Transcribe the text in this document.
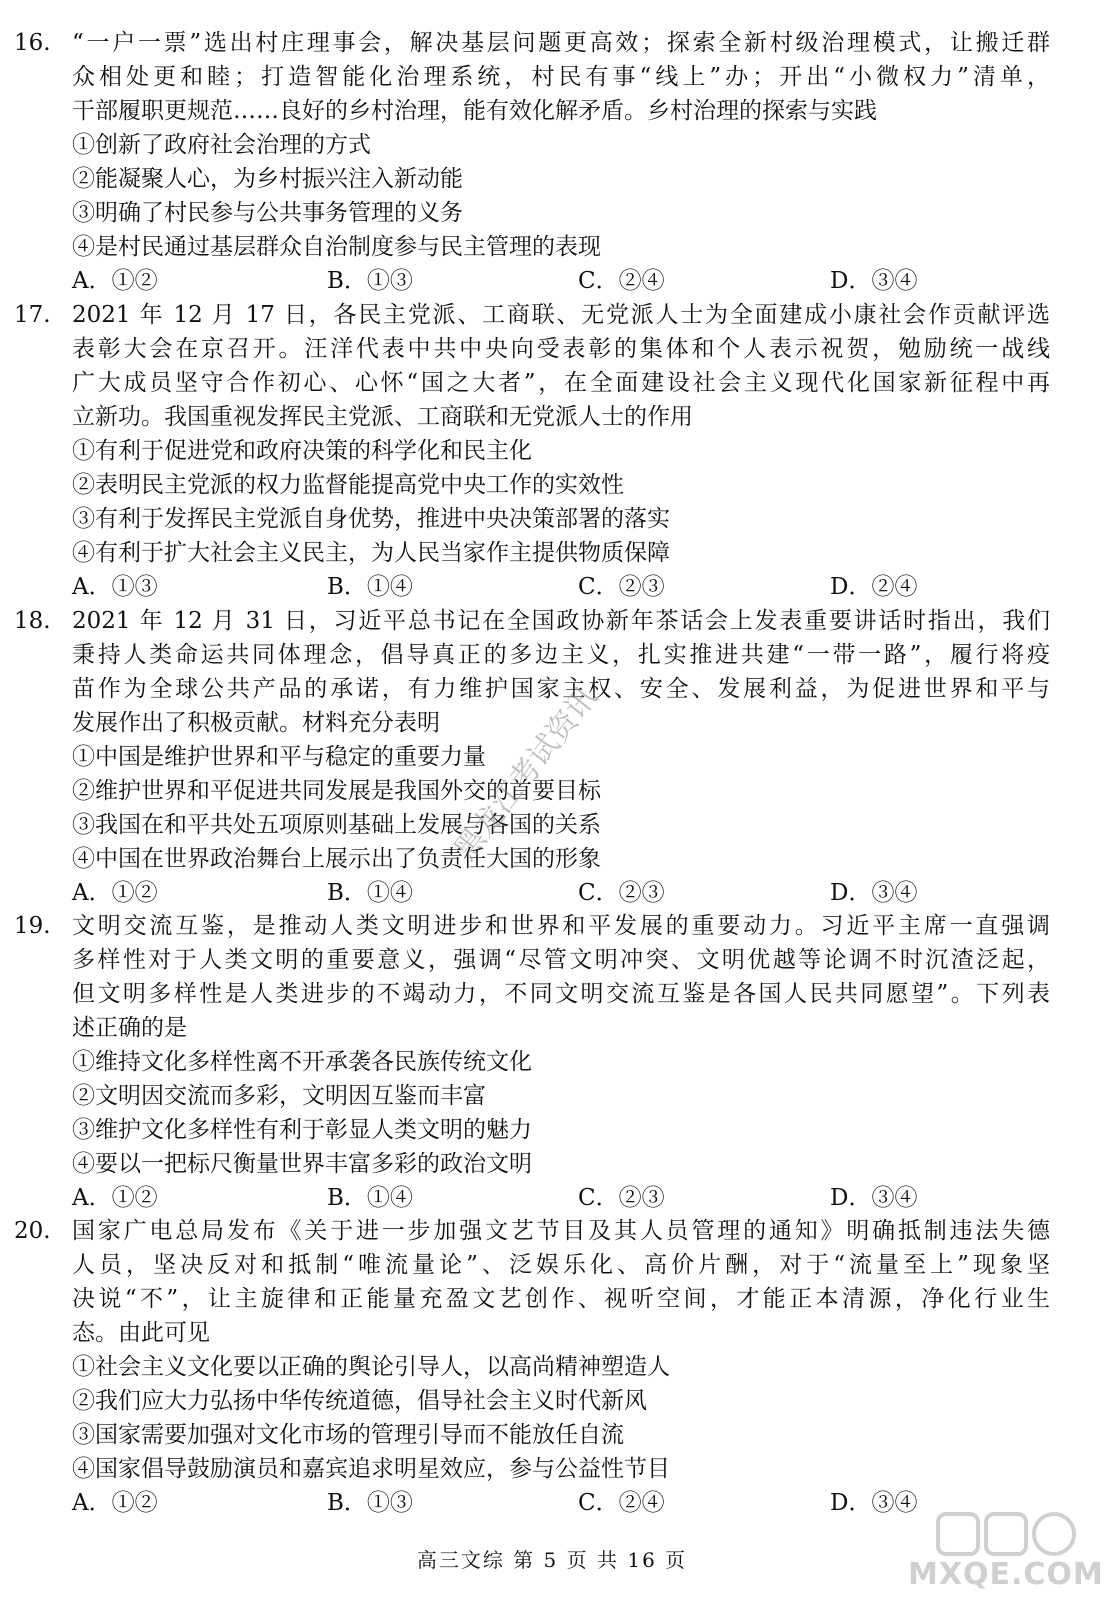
16. “一户一票”选出村庄理事会，解决基层问题更高效；探索全新村级治理模式，让搬迁群
众相处更和睦；打造智能化治理系统，村民有事“线上”办；开出“小微权力”清单，
干部履职更规范……良好的乡村治理，能有效化解矛盾。乡村治理的探索与实践
①创新了政府社会治理的方式
②能凝聚人心，为乡村振兴注入新动能
③明确了村民参与公共事务管理的义务
④是村民通过基层群众自治制度参与民主管理的表现
A．①②	B．①③	C．②④	D．③④
17. 2021 年 12 月 17 日，各民主党派、工商联、无党派人士为全面建成小康社会作贡献评选
表彰大会在京召开。汪洋代表中共中央向受表彰的集体和个人表示祝贺，勉励统一战线
广大成员坚守合作初心、心怀“国之大者”，在全面建设社会主义现代化国家新征程中再
立新功。我国重视发挥民主党派、工商联和无党派人士的作用
①有利于促进党和政府决策的科学化和民主化
②表明民主党派的权力监督能提高党中央工作的实效性
③有利于发挥民主党派自身优势，推进中央决策部署的落实
④有利于扩大社会主义民主，为人民当家作主提供物质保障
A．①③	B．①④	C．②③	D．②④
18. 2021 年 12 月 31 日，习近平总书记在全国政协新年茶话会上发表重要讲话时指出，我们
秉持人类命运共同体理念，倡导真正的多边主义，扎实推进共建“一带一路”，履行将疫
苗作为全球公共产品的承诺，有力维护国家主权、安全、发展利益，为促进世界和平与
发展作出了积极贡献。材料充分表明
①中国是维护世界和平与稳定的重要力量
②维护世界和平促进共同发展是我国外交的首要目标
③我国在和平共处五项原则基础上发展与各国的关系
④中国在世界政治舞台上展示出了负责任大国的形象
A．①②	B．①④	C．②③	D．③④
19. 文明交流互鉴，是推动人类文明进步和世界和平发展的重要动力。习近平主席一直强调
多样性对于人类文明的重要意义，强调“尽管文明冲突、文明优越等论调不时沉渣泛起，
但文明多样性是人类进步的不竭动力，不同文明交流互鉴是各国人民共同愿望”。下列表
述正确的是
①维持文化多样性离不开承袭各民族传统文化
②文明因交流而多彩，文明因互鉴而丰富
③维护文化多样性有利于彰显人类文明的魅力
④要以一把标尺衡量世界丰富多彩的政治文明
A．①②	B．①④	C．②③	D．③④
20. 国家广电总局发布《关于进一步加强文艺节目及其人员管理的通知》明确抵制违法失德
人员，坚决反对和抵制“唯流量论”、泛娱乐化、高价片酬，对于“流量至上”现象坚
决说“不”，让主旋律和正能量充盈文艺创作、视听空间，才能正本清源，净化行业生
态。由此可见
①社会主义文化要以正确的舆论引导人，以高尚精神塑造人
②我们应大力弘扬中华传统道德，倡导社会主义时代新风
③国家需要加强对文化市场的管理引导而不能放任自流
④国家倡导鼓励演员和嘉宾追求明星效应，参与公益性节目
A．①②	B．①③	C．②④	D．③④
黑龙江考试资讯
高三文综 第 5 页 共 16 页	MXQE.COM
